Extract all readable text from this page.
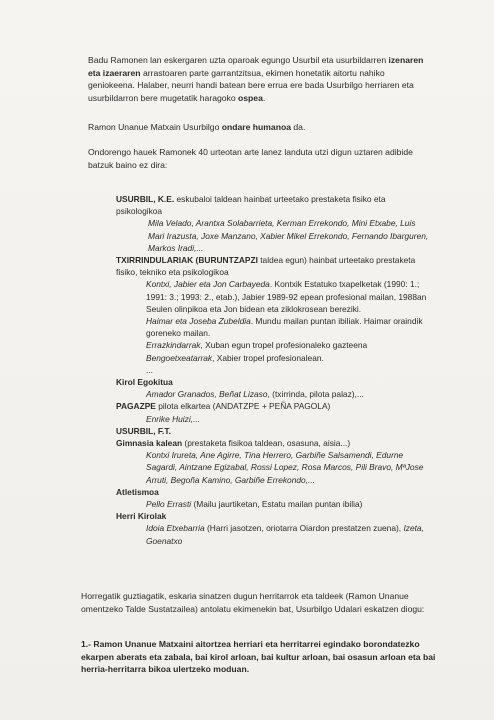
Badu Ramonen lan eskergaren uzta oparoak egungo Usurbil eta usurbildarren izenaren
eta izaeraren arrastoaren parte garrantzitsua, ekimen honetatik aitortu nahiko
geniokeena. Halaber, neurri handi batean bere errua ere bada Usurbilgo herriaren eta
usurbildarron bere mugetatik haragoko ospea.
Ramon Unanue Matxain Usurbilgo ondare humanoa da.
Ondorengo hauek Ramonek 40 urteotan arte lanez landuta utzi digun uztaren adibide
batzuk baino ez dira:
USURBIL, K.E. eskubaloi taldean hainbat urteetako prestaketa fisiko eta
psikologikoa
Mila Velado, Arantxa Solabarrieta, Kerman Errekondo, Mini Etxabe, Luis
Mari Irazusta, Joxe Manzano, Xabier Mikel Errekondo, Fernando Ibarguren,
Markos Iradi,...
TXIRRINDULARIAK (BURUNTZAPZI taldea egun) hainbat urteetako prestaketa
fisiko, tekniko eta psikologikoa
Kontxi, Jabier eta Jon Carbayeda. Kontxik Estatuko txapelketak (1990: 1.;
1991: 3.; 1993: 2., etab.), Jabier 1989-92 epean profesional mailan, 1988an
Seulen olinpikoa eta Jon bidean eta ziklokrosean bereziki.
Haimar eta Joseba Zubeldia. Mundu mailan puntan ibiliak. Haimar oraindik
goreneko mailan.
Errazkindarrak, Xuban egun tropel profesionaleko gazteena
Bengoetxeatarrak, Xabier tropel profesionalean.
...
Kirol Egokitua
Amador Granados, Beñat Lizaso, (txirrinda, pilota palaz),...
PAGAZPE pilota elkartea (ANDATZPE + PEÑA PAGOLA)
Enrike Huizi,...
USURBIL, F.T.
Gimnasia kalean (prestaketa fisikoa taldean, osasuna, aisia...)
Kontxi Irureta, Ane Agirre, Tina Herrero, Garbiñe Salsamendi, Edurne
Sagardi, Aintzane Egizabal, Rossi Lopez, Rosa Marcos, Pili Bravo, MªJose
Arruti, Begoña Kamino, Garbiñe Errekondo,...
Atletismoa
Pello Errasti (Mailu jaurtiketan, Estatu mailan puntan ibilia)
Herri Kirolak
Idoia Etxebarria (Harri jasotzen, oriotarra Oiardon prestatzen zuena), Izeta,
Goenatxo
Horregatik guztiagatik, eskaria sinatzen dugun herritarrok eta taldeek (Ramon Unanue
omentzeko Talde Sustatzailea) antolatu ekimenekin bat, Usurbilgo Udalari eskatzen diogu:
1.- Ramon Unanue Matxaini aitortzea herriari eta herritarrei egindako borondatezko
ekarpen aberats eta zabala, bai kirol arloan, bai kultur arloan, bai osasun arloan eta bai
herria-herritarra bikoa ulertzeko moduan.
